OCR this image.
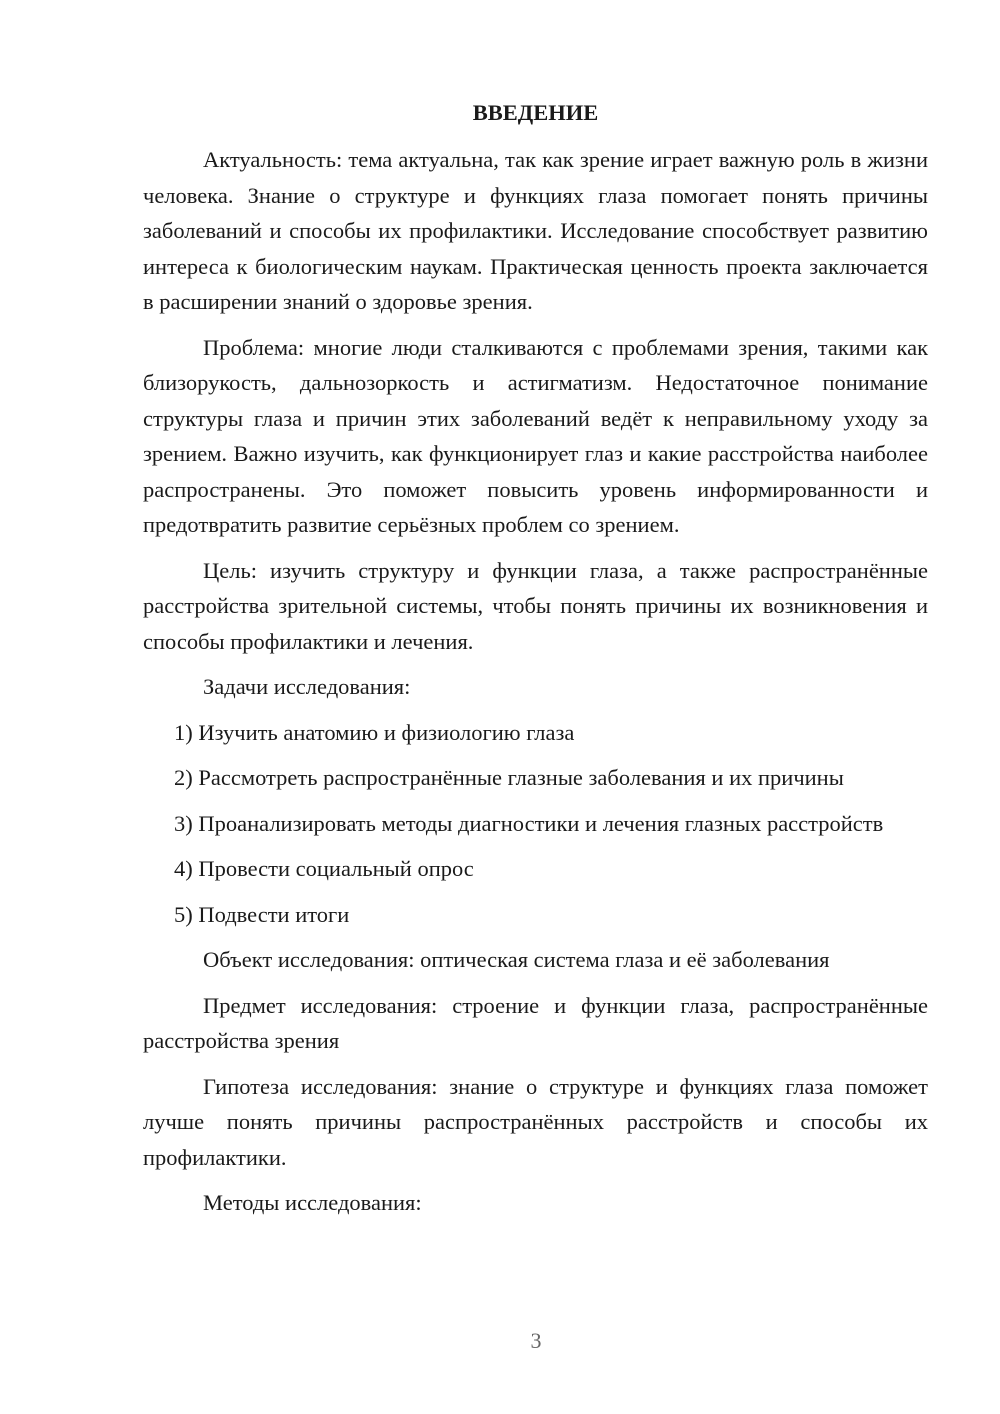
ВВЕДЕНИЕ

Актуальность: тема актуальна, так как зрение играет важную роль в жизни человека. Знание о структуре и функциях глаза помогает понять причины заболеваний и способы их профилактики. Исследование способствует развитию интереса к биологическим наукам. Практическая ценность проекта заключается в расширении знаний о здоровье зрения.

Проблема: многие люди сталкиваются с проблемами зрения, такими как близорукость, дальнозоркость и астигматизм. Недостаточное понимание структуры глаза и причин этих заболеваний ведёт к неправильному уходу за зрением. Важно изучить, как функционирует глаз и какие расстройства наиболее распространены. Это поможет повысить уровень информированности и предотвратить развитие серьёзных проблем со зрением.

Цель: изучить структуру и функции глаза, а также распространённые расстройства зрительной системы, чтобы понять причины их возникновения и способы профилактики и лечения.

Задачи исследования:

1) Изучить анатомию и физиологию глаза

2) Рассмотреть распространённые глазные заболевания и их причины

3) Проанализировать методы диагностики и лечения глазных расстройств

4) Провести социальный опрос

5) Подвести итоги

Объект исследования: оптическая система глаза и её заболевания

Предмет исследования: строение и функции глаза, распространённые расстройства зрения

Гипотеза исследования: знание о структуре и функциях глаза поможет лучше понять причины распространённых расстройств и способы их профилактики.

Методы исследования:

3
